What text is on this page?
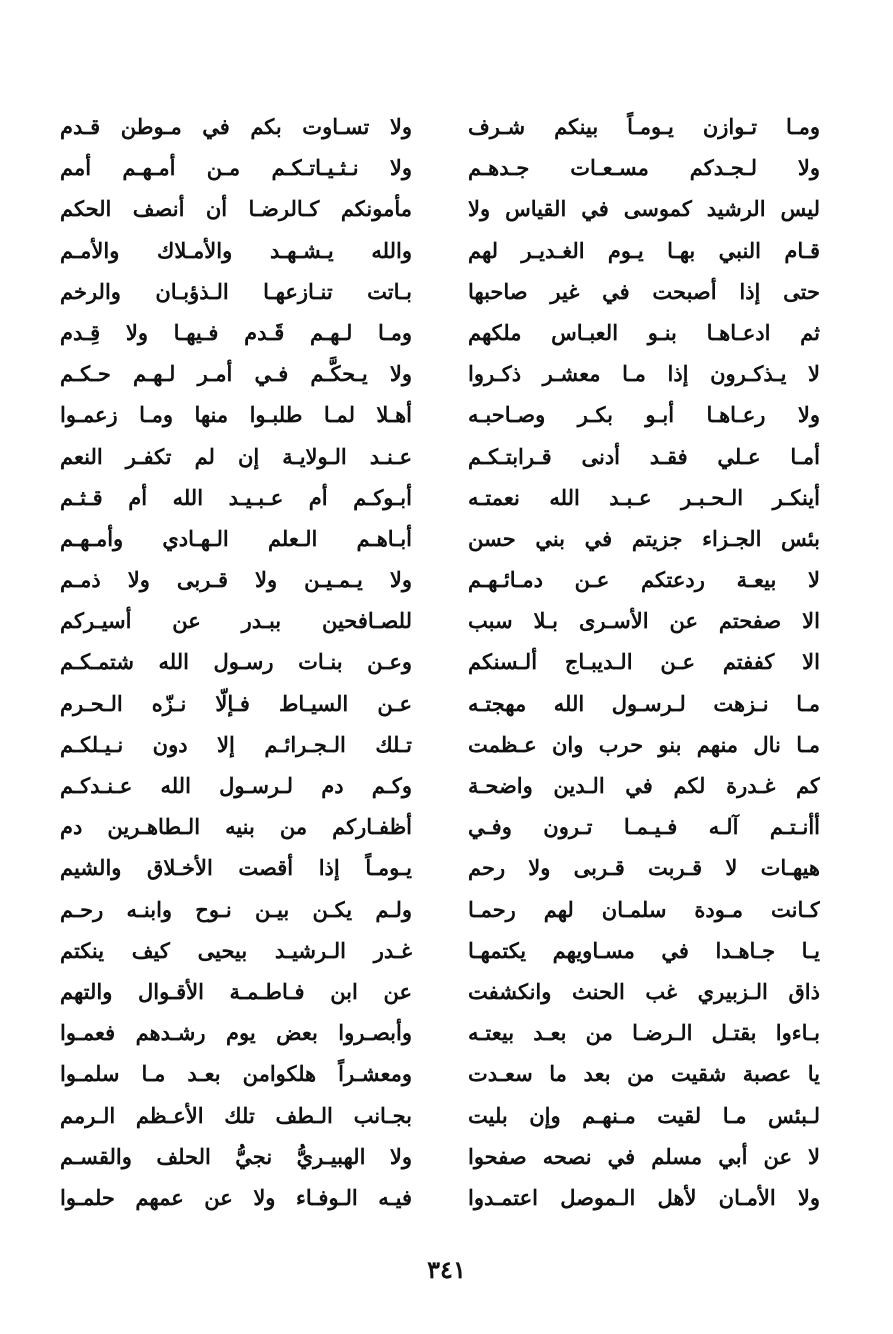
ومـا تـوازن يـومـاً بينكم شـرف
ولا لـجـدكم مسـعـات جـدهـم
ليس الرشيد كموسى في القياس ولا
قـام النبي بهـا يـوم الغـديـر لهم
حتى إذا أصبحت في غير صاحبها
ثم ادعـاهـا بنـو العبـاس ملكهم
لا يـذكـرون إذا مـا معشـر ذكـروا
ولا رعـاهـا أبـو بكـر وصـاحبـه
أمـا عـلي فقـد أدنى قـرابتـكـم
أينكـر الـحـبـر عـبـد الله نعمتـه
بئس الجـزاء جزيتم في بني حسن
لا بيعـة ردعتكم عـن دمـائـهـم
الا صفحتم عن الأسـرى بـلا سبب
الا كففتم عـن الـديبـاج ألـسنكم
مـا نـزهت لـرسـول الله مهجتـه
مـا نال منهم بنو حرب وان عـظمت
كم غـدرة لكم في الـدين واضحـة
أأنـتـم آلـه فـيـمـا تـرون وفـي
هيهـات لا قـربت قـربى ولا رحم
كـانت مـودة سلمـان لهم رحمـا
يـا جـاهـدا في مسـاويهم يكتمهـا
ذاق الـزبيري غب الحنث وانكشفت
بـاءوا بقتـل الـرضـا من بعـد بيعتـه
يا عصبة شقيت من بعد ما سعـدت
لـبئس مـا لقيت مـنهـم وإن بليت
لا عن أبي مسلم في نصحه صفحوا
ولا الأمـان لأهل الـموصل اعتمـدوا
ولا تسـاوت بكم في مـوطن قـدم
ولا نـثـيـاتـكـم مـن أمـهـم أمم
مأمونكم كـالرضـا أن أنصف الحكم
والله يـشـهـد والأمـلاك والأمـم
بـاتت تنـازعهـا الـذؤبـان والرخم
ومـا لـهـم قَـدم فـيهـا ولا قِـدم
ولا يـحكَّـم فـي أمـر لـهـم حـكـم
أهـلا لمـا طلبـوا منها ومـا زعمـوا
عـنـد الـولايـة إن لم تكفـر النعم
أبـوكـم أم عـبـيـد الله أم قـثـم
أبـاهـم الـعلم الـهـادي وأمـهـم
ولا يـمـيـن ولا قـربى ولا ذمـم
للصـافحين ببـدر عن أسيـركم
وعـن بنـات رسـول الله شتمـكـم
عـن السيـاط فـإلّا نـزّه الـحـرم
تـلك الـجـرائـم إلا دون نـيـلكـم
وكـم دم لـرسـول الله عـنـدكـم
أظفـاركم من بنيه الـطاهـرين دم
يـومـاً إذا أقصت الأخـلاق والشيم
ولـم يكـن بيـن نـوح وابنـه رحـم
غـدر الـرشيـد بيحيى كيف ينكتم
عن ابن فـاطـمـة الأقـوال والتهم
وأبصـروا بعض يوم رشـدهم فعمـوا
ومعشـراً هلكوامن بعـد مـا سلمـوا
بجـانب الـطف تلك الأعـظم الـرمم
ولا الهبيـريُّ نجيُّ الحلف والقسـم
فيـه الـوفـاء ولا عن عمهم حلمـوا
٣٤١
